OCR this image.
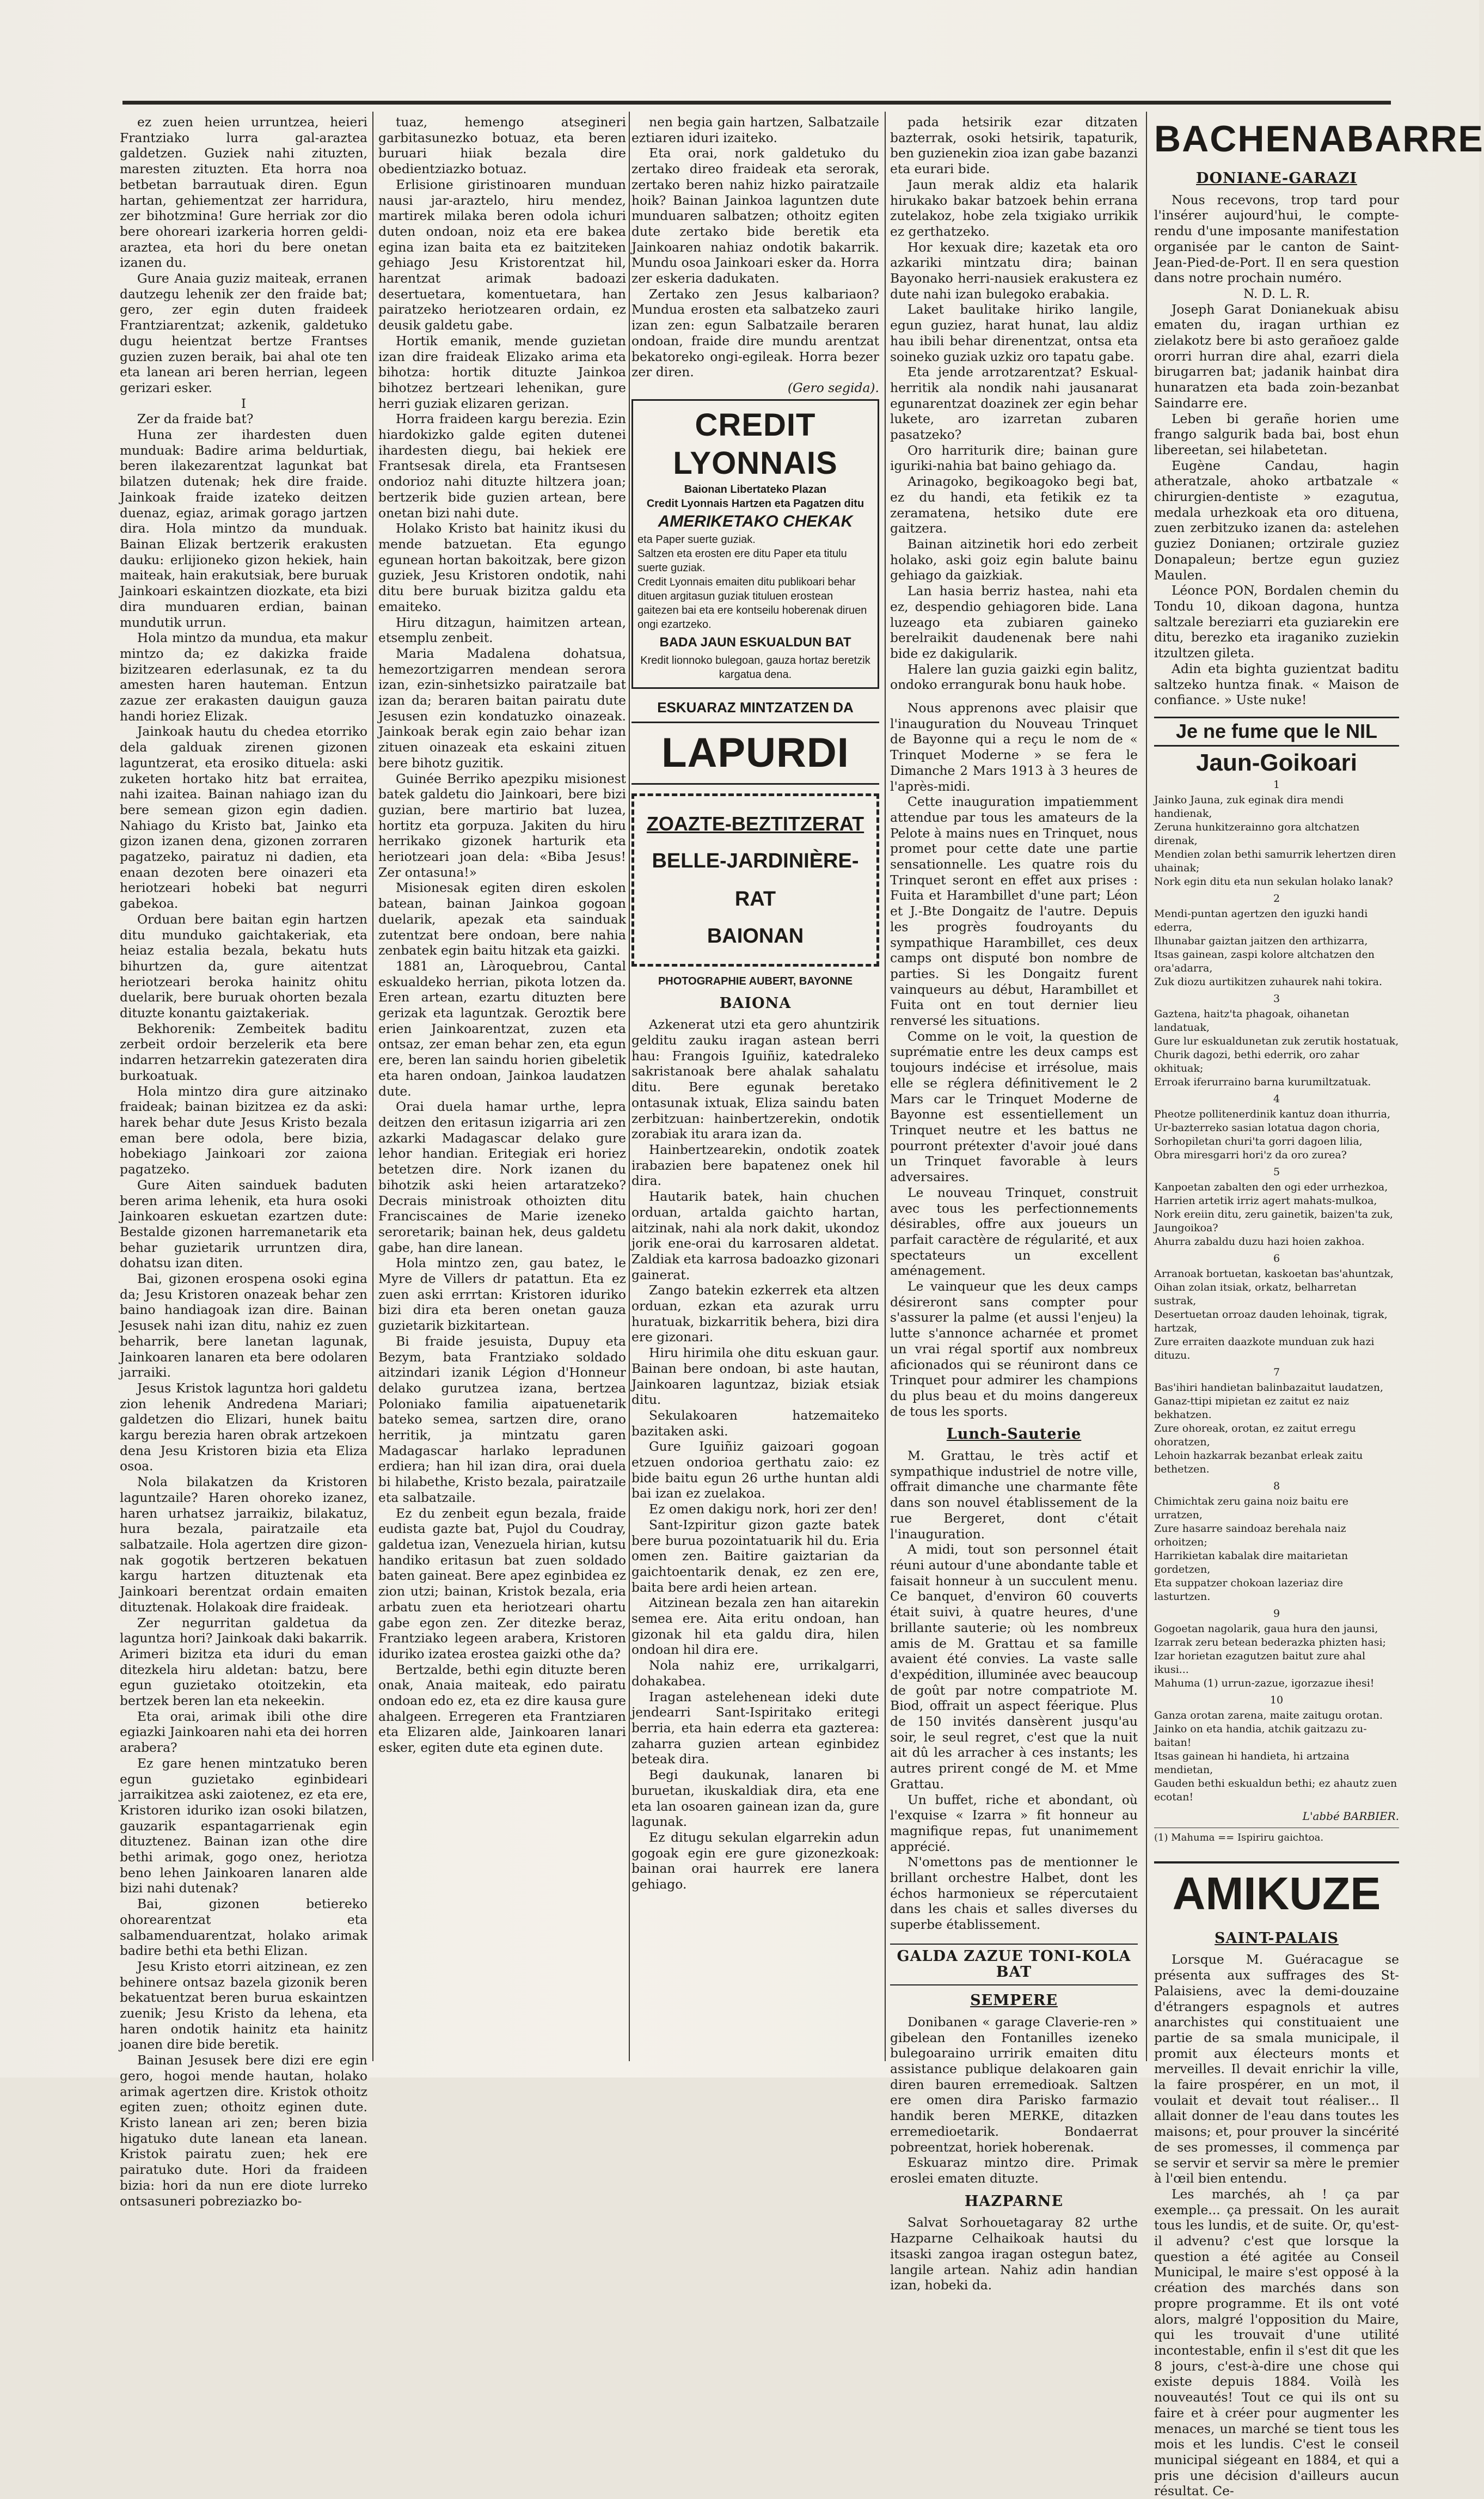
ez zuen heien urruntzea, heieri Frantziako lurra gal-araztea galdetzen. Guziek nahi zituzten, maresten zituzten. Eta horra noa betbetan barrautuak diren. Egun hartan, gehiementzat zer harridura, zer bihotzmina! Gure herriak zor dio bere ohoreari izarkeria horren geldi-araztea, eta hori du bere onetan izanen du.

Gure Anaia guziz maiteak, erranen dautzegu lehenik zer den fraide bat; gero, zer egin duten fraideek Frantziarentzat; azkenik, galdetuko dugu heientzat bertze Frantses guzien zuzen beraik, bai ahal ote ten eta lanean ari beren herrian, legeen gerizari esker.

I

Zer da fraide bat?

Huna zer ihardesten duen munduak: Badire arima beldurtiak, beren ilakezarentzat lagunkat bat bilatzen dutenak; hek dire fraide. Jainkoak fraide izateko deitzen duenaz, egiaz, arimak gorago jartzen dira. Hola mintzo da munduak. Bainan Elizak bertzerik erakusten dauku: erlijioneko gizon hekiek, hain maiteak, hain erakutsiak, bere buruak Jainkoari eskaintzen diozkate, eta bizi dira munduaren erdian, bainan mundutik urrun.

Hola mintzo da mundua, eta makur mintzo da; ez dakizka fraide bizitzearen ederlasunak, ez ta du amesten haren hauteman. Entzun zazue zer erakasten dauigun gauza handi horiez Elizak.

Jainkoak hautu du chedea etorriko dela galduak zirenen gizonen laguntzerat, eta erosiko dituela: aski zuketen hortako hitz bat erraitea, nahi izaitea. Bainan nahiago izan du bere semean gizon egin dadien. Nahiago du Kristo bat, Jainko eta gizon izanen dena, gizonen zorraren pagatzeko, pairatuz ni dadien, eta enaan dezoten bere oinazeri eta heriotzeari hobeki bat negurri gabekoa.

Orduan bere baitan egin hartzen ditu munduko gaichtakeriak, eta heiaz estalia bezala, bekatu huts bihurtzen da, gure aitentzat heriotzeari beroka hainitz ohitu duelarik, bere buruak ohorten bezala dituzte konantu gaiztakeriak.

Bekhorenik: Zembeitek baditu zerbeit ordoir berzelerik eta bere indarren hetzarrekin gatezeraten dira burkoatuak.

Hola mintzo dira gure aitzinako fraideak; bainan bizitzea ez da aski: harek behar dute Jesus Kristo bezala eman bere odola, bere bizia, hobekiago Jainkoari zor zaiona pagatzeko.

Gure Aiten sainduek baduten beren arima lehenik, eta hura osoki Jainkoaren eskuetan ezartzen dute: Bestalde gizonen harremanetarik eta behar guzietarik urruntzen dira, dohatsu izan diten.

Bai, gizonen erospena osoki egina da; Jesu Kristoren onazeak behar zen baino handiagoak izan dire. Bainan Jesusek nahi izan ditu, nahiz ez zuen beharrik, bere lanetan lagunak, Jainkoaren lanaren eta bere odolaren jarraiki.

Jesus Kristok laguntza hori galdetu zion lehenik Andredena Mariari; galdetzen dio Elizari, hunek baitu kargu berezia haren obrak artzekoen dena Jesu Kristoren bizia eta Eliza osoa.

Nola bilakatzen da Kristoren laguntzaile? Haren ohoreko izanez, haren urhatsez jarraikiz, bilakatuz, hura bezala, pairatzaile eta salbatzaile. Hola agertzen dire gizon-nak gogotik bertzeren bekatuen kargu hartzen dituztenak eta Jainkoari berentzat ordain emaiten dituztenak. Holakoak dire fraideak.

Zer negurritan galdetua da laguntza hori? Jainkoak daki bakarrik. Arimeri bizitza eta iduri du eman ditezkela hiru aldetan: batzu, bere egun guzietako otoitzekin, eta bertzek beren lan eta nekeekin.

Eta orai, arimak ibili othe dire egiazki Jainkoaren nahi eta dei horren arabera?

Ez gare henen mintzatuko beren egun guzietako eginbideari jarraikitzea aski zaiotenez, ez eta ere, Kristoren iduriko izan osoki bilatzen, gauzarik espantagarrienak egin dituztenez. Bainan izan othe dire bethi arimak, gogo onez, heriotza beno lehen Jainkoaren lanaren alde bizi nahi dutenak?

Bai, gizonen betiereko ohorearentzat eta salbamenduarentzat, holako arimak badire bethi eta bethi Elizan.

Jesu Kristo etorri aitzinean, ez zen behinere ontsaz bazela gizonik beren bekatuentzat beren burua eskaintzen zuenik; Jesu Kristo da lehena, eta haren ondotik hainitz eta hainitz joanen dire bide beretik.

Bainan Jesusek bere dizi ere egin gero, hogoi mende hautan, holako arimak agertzen dire. Kristok othoitz egiten zuen; othoitz eginen dute. Kristo lanean ari zen; beren bizia higatuko dute lanean eta lanean. Kristok pairatu zuen; hek ere pairatuko dute. Hori da fraideen bizia: hori da nun ere diote lurreko ontsasuneri pobreziazko bo-

tuaz, hemengo atsegineri garbitasunezko botuaz, eta beren buruari hiiak bezala dire obedientziazko botuaz.

Erlisione giristinoaren munduan nausi jar-araztelo, hiru mendez, martirek milaka beren odola ichuri duten ondoan, noiz eta ere bakea egina izan baita eta ez baitziteken gehiago Jesu Kristorentzat hil, harentzat arimak badoazi desertuetara, komentuetara, han pairatzeko heriotzearen ordain, ez deusik galdetu gabe.

Hortik emanik, mende guzietan izan dire fraideak Elizako arima eta bihotza: hortik dituzte Jainkoa bihotzez bertzeari lehenikan, gure herri guziak elizaren gerizan.

Horra fraideen kargu berezia. Ezin hiardokizko galde egiten dutenei ihardesten diegu, bai hekiek ere Frantsesak direla, eta Frantsesen ondorioz nahi dituzte hiltzera joan; bertzerik bide guzien artean, bere onetan bizi nahi dute.

Holako Kristo bat hainitz ikusi du mende batzuetan. Eta egungo egunean hortan bakoitzak, bere gizon guziek, Jesu Kristoren ondotik, nahi ditu bere buruak bizitza galdu eta emaiteko.

Hiru ditzagun, haimitzen artean, etsemplu zenbeit.

Maria Madalena dohatsua, hemezortzigarren mendean serora izan, ezin-sinhetsizko pairatzaile bat izan da; beraren baitan pairatu dute Jesusen ezin kondatuzko oinazeak. Jainkoak berak egin zaio behar izan zituen oinazeak eta eskaini zituen bere bihotz guzitik.

Guinée Berriko apezpiku misionest batek galdetu dio Jainkoari, bere bizi guzian, bere martirio bat luzea, hortitz eta gorpuza. Jakiten du hiru herrikako gizonek harturik eta heriotzeari joan dela: «Biba Jesus! Zer ontasuna!»

Misionesak egiten diren eskolen batean, bainan Jainkoa gogoan duelarik, apezak eta sainduak zutentzat bere ondoan, bere nahia zenbatek egin baitu hitzak eta gaizki.

1881 an, Làroquebrou, Cantal eskualdeko herrian, pikota lotzen da. Eren artean, ezartu dituzten bere gerizak eta laguntzak. Geroztik bere erien Jainkoarentzat, zuzen eta ontsaz, zer eman behar zen, eta egun ere, beren lan saindu horien gibeletik eta haren ondoan, Jainkoa laudatzen dute.

Orai duela hamar urthe, lepra deitzen den eritasun izigarria ari zen azkarki Madagascar delako gure lehor handian. Eritegiak eri horiez betetzen dire. Nork izanen du bihotzik aski heien artaratzeko? Decrais ministroak othoizten ditu Franciscaines de Marie izeneko seroretarik; bainan hek, deus galdetu gabe, han dire lanean.

Hola mintzo zen, gau batez, le Myre de Villers dr patattun. Eta ez zuen aski errrtan: Kristoren iduriko bizi dira eta beren onetan gauza guzietarik bizkitartean.

Bi fraide jesuista, Dupuy eta Bezym, bata Frantziako soldado aitzindari izanik Légion d'Honneur delako gurutzea izana, bertzea Poloniako familia aipatuenetarik bateko semea, sartzen dire, orano herritik, ja mintzatu garen Madagascar harlako lepradunen erdiera; han hil izan dira, orai duela bi hilabethe, Kristo bezala, pairatzaile eta salbatzaile.

Ez du zenbeit egun bezala, fraide eudista gazte bat, Pujol du Coudray, galdetua izan, Venezuela hirian, kutsu handiko eritasun bat zuen soldado baten gaineat. Bere apez eginbidea ez zion utzi; bainan, Kristok bezala, eria arbatu zuen eta heriotzeari ohartu gabe egon zen. Zer ditezke beraz, Frantziako legeen arabera, Kristoren iduriko izatea erostea gaizki othe da?

Bertzalde, bethi egin dituzte beren onak, Anaia maiteak, edo pairatu ondoan edo ez, eta ez dire kausa gure ahalgeen. Erregeren eta Frantziaren eta Elizaren alde, Jainkoaren lanari esker, egiten dute eta eginen dute.

nen begia gain hartzen, Salbatzaile eztiaren iduri izaiteko.

Eta orai, nork galdetuko du zertako direo fraideak eta serorak, zertako beren nahiz hizko pairatzaile hoik? Bainan Jainkoa laguntzen dute munduaren salbatzen; othoitz egiten dute zertako bide beretik eta Jainkoaren nahiaz ondotik bakarrik. Mundu osoa Jainkoari esker da. Horra zer eskeria dadukaten.

Zertako zen Jesus kalbariaon? Mundua erosten eta salbatzeko zauri izan zen: egun Salbatzaile beraren ondoan, fraide dire mundu arentzat bekatoreko ongi-egileak. Horra bezer zer diren.

(Gero segida).

CREDIT LYONNAIS
Baionan Libertateko Plazan
Credit Lyonnais Hartzen eta Pagatzen ditu
AMERIKETAKO CHEKAK
eta Paper suerte guziak.
Saltzen eta erosten ere ditu Paper eta titulu suerte guziak.
Credit Lyonnais emaiten ditu publikoari behar dituen argitasun guziak tituluen erostean gaitezen bai eta ere kontseilu hoberenak diruen ongi ezartzeko.
BADA JAUN ESKUALDUN BAT
Kredit lionnoko bulegoan, gauza hortaz beretzik kargatua dena.
ESKUARAZ MINTZATZEN DA
LAPURDI
ZOAZTE-BEZTITZERAT
BELLE-JARDINIÈRE-RAT
BAIONAN
PHOTOGRAPHIE AUBERT, BAYONNE
BAIONA

Azkenerat utzi eta gero ahuntzirik gelditu zauku iragan astean berri hau: Frangois Iguiñiz, katedraleko sakristanoak bere ahalak sahalatu ditu. Bere egunak beretako ontasunak ixtuak, Eliza saindu baten zerbitzuan: hainbertzerekin, ondotik zorabiak itu arara izan da.

Hainbertzearekin, ondotik zoatek irabazien bere bapatenez onek hil dira.

Hautarik batek, hain chuchen orduan, artalda gaichto hartan, aitzinak, nahi ala nork dakit, ukondoz jorik ene-orai du karrosaren aldetat. Zaldiak eta karrosa badoazko gizonari gainerat.

Zango batekin ezkerrek eta altzen orduan, ezkan eta azurak urru huratuak, bizkarritik behera, bizi dira ere gizonari.

Hiru hirimila ohe ditu eskuan gaur. Bainan bere ondoan, bi aste hautan, Jainkoaren laguntzaz, biziak etsiak ditu.

Sekulakoaren hatzemaiteko bazitaken aski.

Gure Iguiñiz gaizoari gogoan etzuen ondorioa gerthatu zaio: ez bide baitu egun 26 urthe huntan aldi bai izan ez zuelakoa.

Ez omen dakigu nork, hori zer den!

Sant-Izpiritur gizon gazte batek bere burua pozointatuarik hil du. Eria omen zen. Baitire gaiztarian da gaichtoentarik denak, ez zen ere, baita bere ardi heien artean.

Aitzinean bezala zen han aitarekin semea ere. Aita eritu ondoan, han gizonak hil eta galdu dira, hilen ondoan hil dira ere.

Nola nahiz ere, urrikalgarri, dohakabea.

Iragan astelehenean ideki dute jendearri Sant-Ispiritako eritegi berria, eta hain ederra eta gazterea: zaharra guzien artean eginbidez beteak dira.

Begi daukunak, lanaren bi buruetan, ikuskaldiak dira, eta ene eta lan osoaren gainean izan da, gure lagunak.

Ez ditugu sekulan elgarrekin adun gogoak egin ere gure gizonezkoak: bainan orai haurrek ere lanera gehiago.

pada hetsirik ezar ditzaten bazterrak, osoki hetsirik, tapaturik, ben guzienekin zioa izan gabe bazanzi eta eurari bide.

Jaun merak aldiz eta halarik hirukako bakar batzoek behin errana zutelakoz, hobe zela txigiako urrikik ez gerthatzeko.

Hor kexuak dire; kazetak eta oro azkariki mintzatu dira; bainan Bayonako herri-nausiek erakustera ez dute nahi izan bulegoko erabakia.

Laket baulitake hiriko langile, egun guziez, harat hunat, lau aldiz hau ibili behar direnentzat, ontsa eta soineko guziak uzkiz oro tapatu gabe.

Eta jende arrotzarentzat? Eskual-herritik ala nondik nahi jausanarat egunarentzat doazinek zer egin behar lukete, aro izarretan zubaren pasatzeko?

Oro harriturik dire; bainan gure iguriki-nahia bat baino gehiago da.

Arinagoko, begikoagoko begi bat, ez du handi, eta fetikik ez ta zeramatena, hetsiko dute ere gaitzera.

Bainan aitzinetik hori edo zerbeit holako, aski goiz egin balute bainu gehiago da gaizkiak.

Lan hasia berriz hastea, nahi eta ez, despendio gehiagoren bide. Lana luzeago eta zubiaren gaineko berelraikit daudenenak bere nahi bide ez dakigularik.

Halere lan guzia gaizki egin balitz, ondoko errangurak bonu hauk hobe.

Nous apprenons avec plaisir que l'inauguration du Nouveau Trinquet de Bayonne qui a reçu le nom de « Trinquet Moderne » se fera le Dimanche 2 Mars 1913 à 3 heures de l'après-midi.

Cette inauguration impatiemment attendue par tous les amateurs de la Pelote à mains nues en Trinquet, nous promet pour cette date une partie sensationnelle. Les quatre rois du Trinquet seront en effet aux prises : Fuita et Harambillet d'une part; Léon et J.-Bte Dongaitz de l'autre. Depuis les progrès foudroyants du sympathique Harambillet, ces deux camps ont disputé bon nombre de parties. Si les Dongaitz furent vainqueurs au début, Harambillet et Fuita ont en tout dernier lieu renversé les situations.

Comme on le voit, la question de suprématie entre les deux camps est toujours indécise et irrésolue, mais elle se réglera définitivement le 2 Mars car le Trinquet Moderne de Bayonne est essentiellement un Trinquet neutre et les battus ne pourront prétexter d'avoir joué dans un Trinquet favorable à leurs adversaires.

Le nouveau Trinquet, construit avec tous les perfectionnements désirables, offre aux joueurs un parfait caractère de régularité, et aux spectateurs un excellent aménagement.

Le vainqueur que les deux camps désireront sans compter pour s'assurer la palme (et aussi l'enjeu) la lutte s'annonce acharnée et promet un vrai régal sportif aux nombreux aficionados qui se réuniront dans ce Trinquet pour admirer les champions du plus beau et du moins dangereux de tous les sports.

Lunch-Sauterie

M. Grattau, le très actif et sympathique industriel de notre ville, offrait dimanche une charmante fête dans son nouvel établissement de la rue Bergeret, dont c'était l'inauguration.

A midi, tout son personnel était réuni autour d'une abondante table et faisait honneur à un succulent menu. Ce banquet, d'environ 60 couverts était suivi, à quatre heures, d'une brillante sauterie; où les nombreux amis de M. Grattau et sa famille avaient été convies. La vaste salle d'expédition, illuminée avec beaucoup de goût par notre compatriote M. Biod, offrait un aspect féerique. Plus de 150 invités dansèrent jusqu'au soir, le seul regret, c'est que la nuit ait dû les arracher à ces instants; les autres prirent congé de M. et Mme Grattau.

Un buffet, riche et abondant, où l'exquise « Izarra » fit honneur au magnifique repas, fut unanimement apprécié.

N'omettons pas de mentionner le brillant orchestre Halbet, dont les échos harmonieux se répercutaient dans les chais et salles diverses du superbe établissement.

GALDA ZAZUE TONI-KOLA BAT
SEMPERE

Donibanen « garage Claverie-ren » gibelean den Fontanilles izeneko bulegoaraino urririk emaiten ditu assistance publique delakoaren gain diren bauren erremedioak. Saltzen ere omen dira Parisko farmazio handik beren MERKE, ditazken erremedioetarik. Bondaerrat pobreentzat, horiek hoberenak.

Eskuaraz mintzo dire. Primak eroslei ematen dituzte.

HAZPARNE

Salvat Sorhouetagaray 82 urthe Hazparne Celhaikoak hautsi du itsaski zangoa iragan ostegun batez, langile artean. Nahiz adin handian izan, hobeki da.

BACHENABARRE
DONIANE-GARAZI

Nous recevons, trop tard pour l'insérer aujourd'hui, le compte-rendu d'une imposante manifestation organisée par le canton de Saint-Jean-Pied-de-Port. Il en sera question dans notre prochain numéro.

N. D. L. R.

Joseph Garat Donianekuak abisu ematen du, iragan urthian ez zielakotz bere bi asto gerañoez galde ororri hurran dire ahal, ezarri diela birugarren bat; jadanik hainbat dira hunaratzen eta bada zoin-bezanbat Saindarre ere.

Leben bi gerañe horien ume frango salgurik bada bai, bost ehun libereetan, sei hilabetetan.

Eugène Candau, hagin atheratzale, ahoko artbatzale « chirurgien-dentiste » ezagutua, medala urhezkoak eta oro dituena, zuen zerbitzuko izanen da: astelehen guziez Donianen; ortzirale guziez Donapaleun; bertze egun guziez Maulen.

Léonce PON, Bordalen chemin du Tondu 10, dikoan dagona, huntza saltzale bereziarri eta guziarekin ere ditu, berezko eta iraganiko zuziekin itzultzen gileta.

Adin eta bighta guzientzat baditu saltzeko huntza finak. « Maison de confiance. » Uste nuke!

Je ne fume que le NIL
Jaun-Goikoari
1
Jainko Jauna, zuk eginak dira mendi handienak,
Zeruna hunkitzerainno gora altchatzen direnak,
Mendien zolan bethi samurrik lehertzen diren uhainak;
Nork egin ditu eta nun sekulan holako lanak?
2
Mendi-puntan agertzen den iguzki handi ederra,
Ilhunabar gaiztan jaitzen den arthizarra,
Itsas gainean, zaspi kolore altchatzen den ora'adarra,
Zuk diozu aurtikitzen zuhaurek nahi tokira.
3
Gaztena, haitz'ta phagoak, oihanetan landatuak,
Gure lur eskualdunetan zuk zerutik hostatuak,
Churik dagozi, bethi ederrik, oro zahar okhituak;
Erroak iferurraino barna kurumiltzatuak.
4
Pheotze pollitenerdinik kantuz doan ithurria,
Ur-bazterreko sasian lotatua dagon choria,
Sorhopiletan churi'ta gorri dagoen lilia,
Obra miresgarri hori'z da oro zurea?
5
Kanpoetan zabalten den ogi eder urrhezkoa,
Harrien artetik irriz agert mahats-mulkoa,
Nork ereiin ditu, zeru gainetik, baizen'ta zuk, Jaungoikoa?
Ahurra zabaldu duzu hazi hoien zakhoa.
6
Arranoak bortuetan, kaskoetan bas'ahuntzak,
Oihan zolan itsiak, orkatz, belharretan sustrak,
Desertuetan orroaz dauden lehoinak, tigrak, hartzak,
Zure erraiten daazkote munduan zuk hazi dituzu.
7
Bas'ihiri handietan balinbazaitut laudatzen,
Ganaz-ttipi mipietan ez zaitut ez naiz bekhatzen.
Zure ohoreak, orotan, ez zaitut erregu ohoratzen,
Lehoin hazkarrak bezanbat erleak zaitu bethetzen.
8
Chimichtak zeru gaina noiz baitu ere urratzen,
Zure hasarre saindoaz berehala naiz orhoitzen;
Harrikietan kabalak dire maitarietan gordetzen,
Eta suppatzer chokoan lazeriaz dire lasturtzen.
9
Gogoetan nagolarik, gaua hura den jaunsi,
Izarrak zeru betean bederazka phizten hasi;
Izar horietan ezagutzen baitut zure ahal ikusi...
Mahuma (1) urrun-zazue, igorzazue ihesi!
10
Ganza orotan zarena, maite zaitugu orotan.
Jainko on eta handia, atchik gaitzazu zu-baitan!
Itsas gainean hi handieta, hi artzaina mendietan,
Gauden bethi eskualdun bethi; ez ahautz zuen ecotan!

L'abbé BARBIER.

(1) Mahuma == Ispiriru gaichtoa.

AMIKUZE
SAINT-PALAIS

Lorsque M. Guéracague se présenta aux suffrages des St-Palaisiens, avec la demi-douzaine d'étrangers espagnols et autres anarchistes qui constituaient une partie de sa smala municipale, il promit aux électeurs monts et merveilles. Il devait enrichir la ville, la faire prospérer, en un mot, il voulait et devait tout réaliser... Il allait donner de l'eau dans toutes les maisons; et, pour prouver la sincérité de ses promesses, il commença par se servir et servir sa mère le premier à l'œil bien entendu.

Les marchés, ah ! ça par exemple... ça pressait. On les aurait tous les lundis, et de suite. Or, qu'est-il advenu? c'est que lorsque la question a été agitée au Conseil Municipal, le maire s'est opposé à la création des marchés dans son propre programme. Et ils ont voté alors, malgré l'opposition du Maire, qui les trouvait d'une utilité incontestable, enfin il s'est dit que les 8 jours, c'est-à-dire une chose qui existe depuis 1884. Voilà les nouveautés! Tout ce qui ils ont su faire et à créer pour augmenter les menaces, un marché se tient tous les mois et les lundis. C'est le conseil municipal siégeant en 1884, et qui a pris une décision d'ailleurs aucun résultat. Ce-
